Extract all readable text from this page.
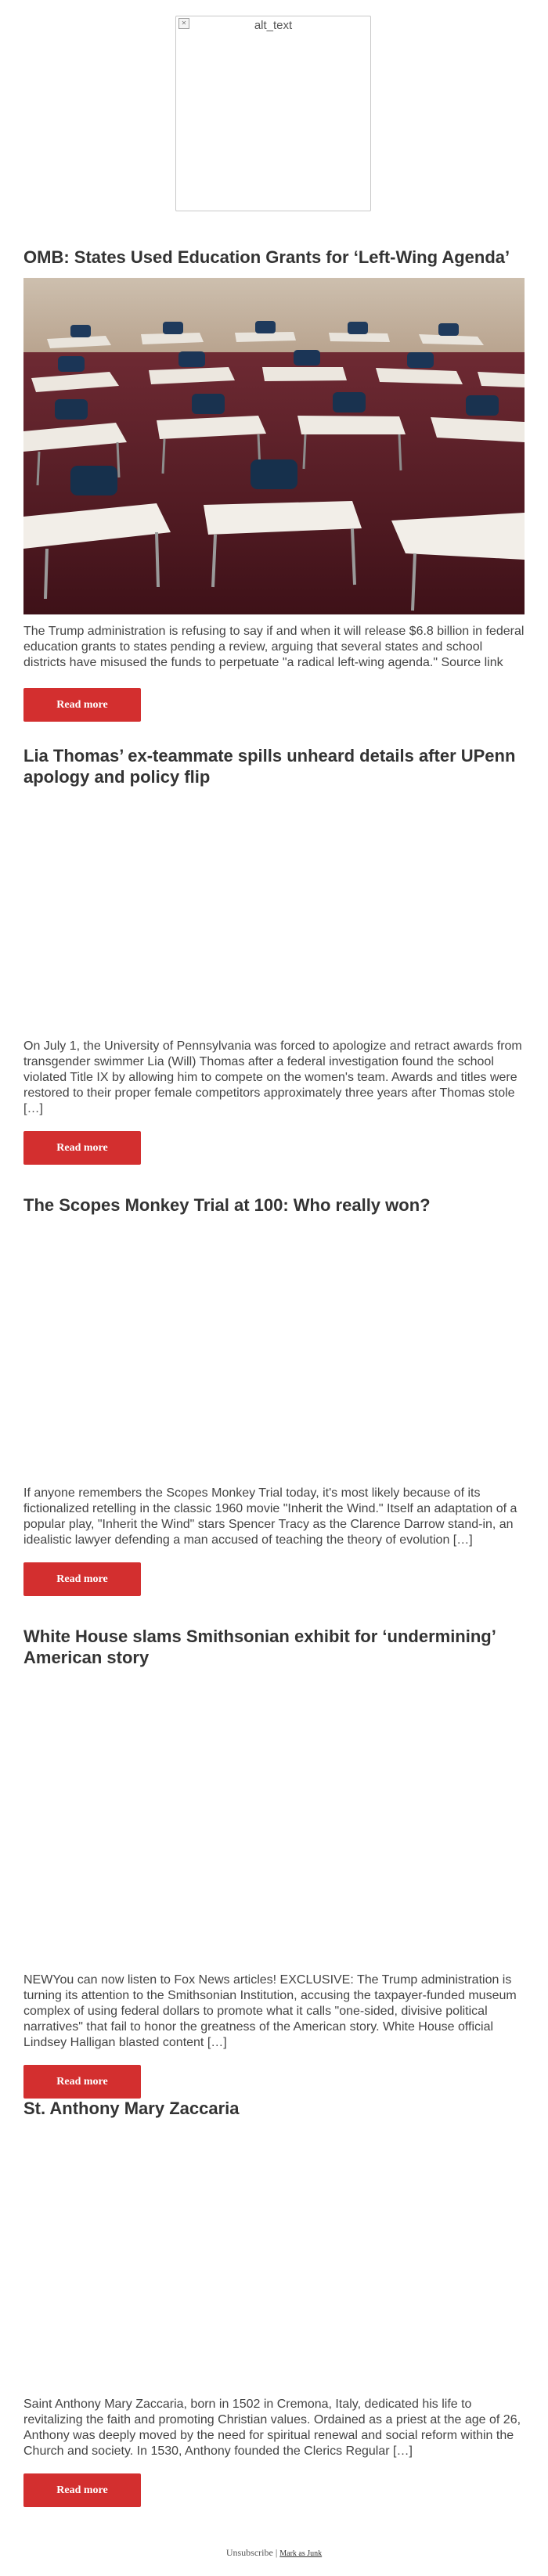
✕	alt_text
OMB: States Used Education Grants for ‘Left-Wing Agenda’

The Trump administration is refusing to say if and when it will release $6.8 billion in federal education grants to states pending a review, arguing that several states and school districts have misused the funds to perpetuate "a radical left-wing agenda." Source link

Read more
Lia Thomas’ ex-teammate spills unheard details after UPenn apology and policy flip

On July 1, the University of Pennsylvania was forced to apologize and retract awards from transgender swimmer Lia (Will) Thomas after a federal investigation found the school violated Title IX by allowing him to compete on the women's team. Awards and titles were restored to their proper female competitors approximately three years after Thomas stole […]

Read more
The Scopes Monkey Trial at 100: Who really won?

If anyone remembers the Scopes Monkey Trial today, it's most likely because of its fictionalized retelling in the classic 1960 movie "Inherit the Wind." Itself an adaptation of a popular play, "Inherit the Wind" stars Spencer Tracy as the Clarence Darrow stand-in, an idealistic lawyer defending a man accused of teaching the theory of evolution […]

Read more
White House slams Smithsonian exhibit for ‘undermining’ American story

NEWYou can now listen to Fox News articles! EXCLUSIVE: The Trump administration is turning its attention to the Smithsonian Institution, accusing the taxpayer-funded museum complex of using federal dollars to promote what it calls "one-sided, divisive political narratives" that fail to honor the greatness of the American story. White House official Lindsey Halligan blasted content […]

Read more
St. Anthony Mary Zaccaria

Saint Anthony Mary Zaccaria, born in 1502 in Cremona, Italy, dedicated his life to revitalizing the faith and promoting Christian values. Ordained as a priest at the age of 26, Anthony was deeply moved by the need for spiritual renewal and social reform within the Church and society. In 1530, Anthony founded the Clerics Regular […]

Read more
Unsubscribe | Mark as Junk
